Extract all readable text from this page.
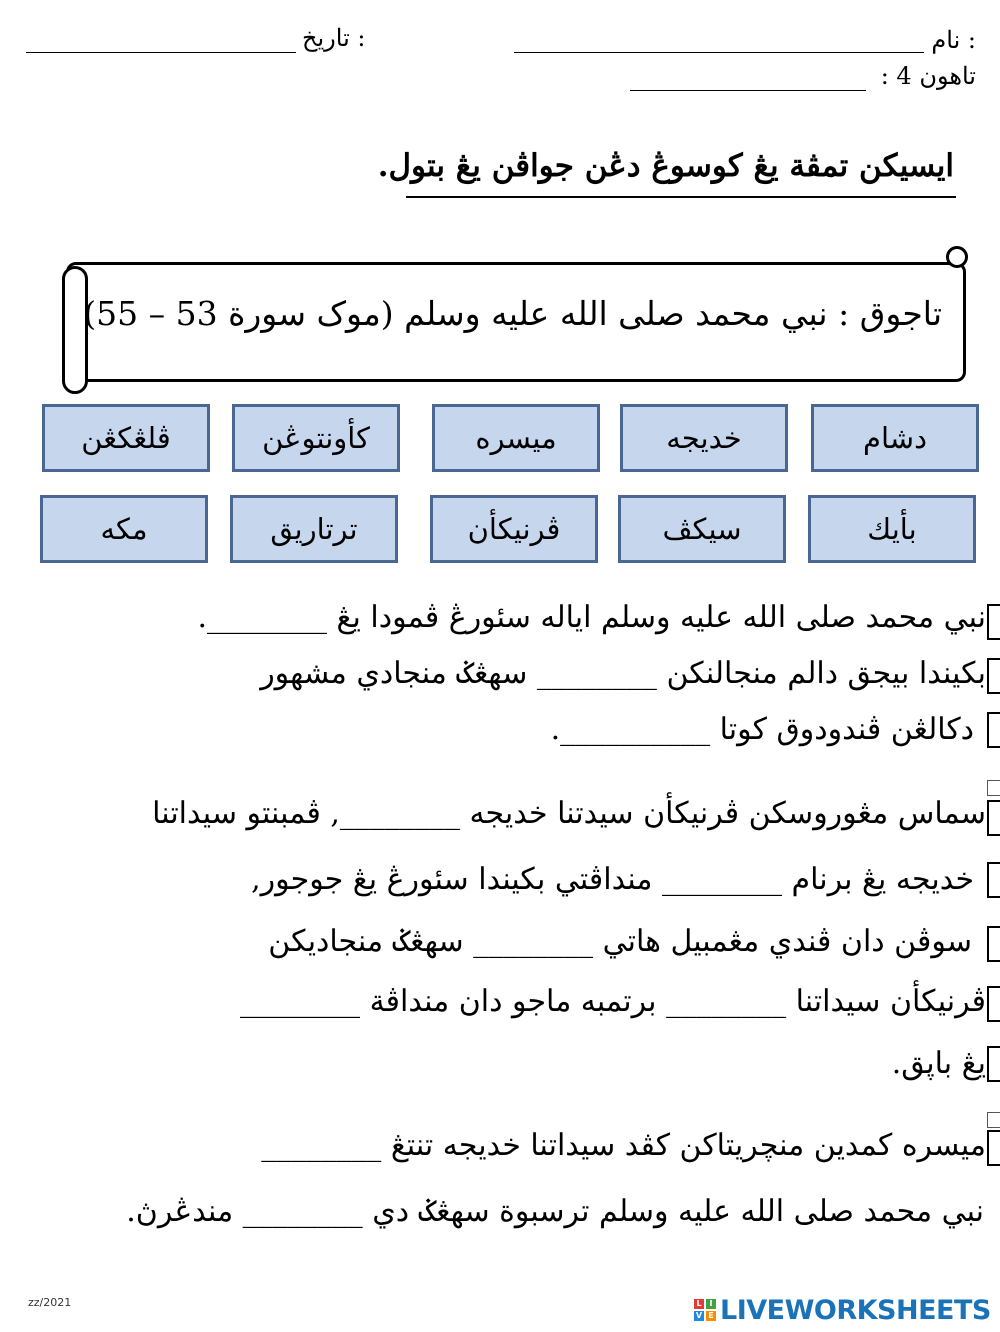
نام :
تاريخ :
تاهون 4 :
ايسيکن تمڤة يڠ کوسوڠ دڠن جواڤن يڠ بتول.
تاجوق : نبي محمد صلى الله عليه وسلم (موک سورة 53 – 55)
دشام
خديجه
ميسره
کأونتوڠن
ڤلڠکڠن
بأيك
سيکڤ
ڤرنيکأن
ترتاريق
مکه
نبي محمد صلى الله عليه وسلم اياله سئورڠ ڤمودا يڠ ________.
بکيندا بيجق دالم منجالنکن ________ سهڠݢ منجادي مشهور
دکالڠن ڤندودوق کوتا __________.
سماس مڠوروسکن ڤرنيکأن سيدتنا خديجه ________, ڤمبنتو سيداتنا
خديجه يڠ برنام ________ منداڤتي بکيندا سئورڠ يڠ جوجور,
سوڤن دان ڤندي مڠمبيل هاتي ________ سهڠݢ منجاديکن
ڤرنيکأن سيداتنا ________ برتمبه ماجو دان منداڤة ________
يڠ باڽق.
ميسره کمدين منچريتاکن کڤد سيداتنا خديجه تنتڠ ________
نبي محمد صلى الله عليه وسلم ترسبوة سهڠݢ دي ________ مندڠرڽ.
zz/2021	L I
V E LIVEWORKSHEETS
